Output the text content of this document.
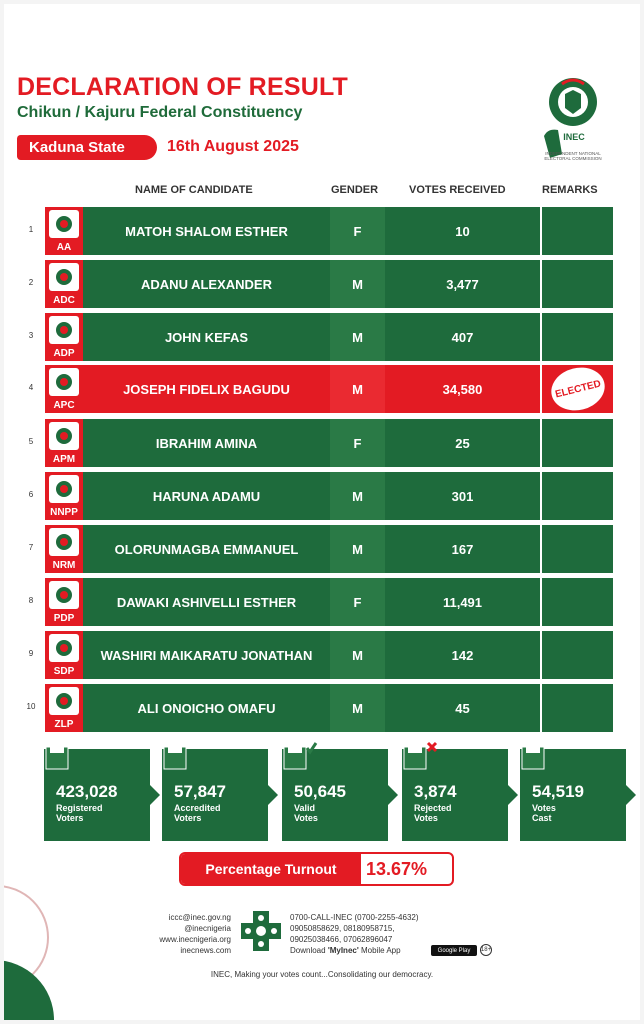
DECLARATION OF RESULT
Chikun / Kajuru Federal Constituency
Kaduna State	16th August 2025
INEC
INDEPENDENT NATIONAL ELECTORAL COMMISSION
NAME OF CANDIDATE	GENDER	VOTES RECEIVED	REMARKS
1
AA
MATOH SHALOM ESTHER	F	10
2
ADC
ADANU ALEXANDER	M	3,477
3
ADP
JOHN KEFAS	M	407
4
APC
JOSEPH FIDELIX BAGUDU	M	34,580	ELECTED
5
APM
IBRAHIM AMINA	F	25
6
NNPP
HARUNA ADAMU	M	301
7
NRM
OLORUNMAGBA EMMANUEL	M	167
8
PDP
DAWAKI ASHIVELLI ESTHER	F	11,491
9
SDP
WASHIRI MAIKARATU JONATHAN	M	142
10
ZLP
ALI ONOICHO OMAFU	M	45
423,028
Registered
Voters
57,847
Accredited
Voters
50,645
Valid
Votes
3,874
Rejected
Votes
54,519
Votes
Cast
Percentage Turnout	13.67%
iccc@inec.gov.ng
@inecnigeria
www.inecnigeria.org
inecnews.com
0700-CALL-INEC (0700-2255-4632)
09050858629, 08180958715,
09025038466, 07062896047
Download 'MyInec' Mobile App	Google Play	18+
INEC, Making your votes count...Consolidating our democracy.
